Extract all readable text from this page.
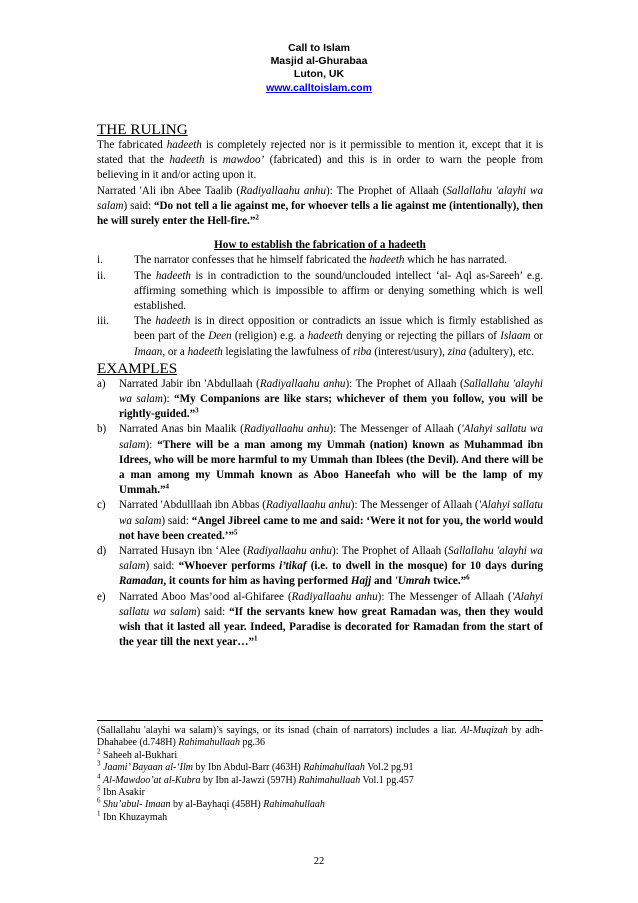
Call to Islam
Masjid al-Ghurabaa
Luton, UK
www.calltoislam.com
THE RULING

The fabricated hadeeth is completely rejected nor is it permissible to mention it, except that it is stated that the hadeeth is mawdoo’ (fabricated) and this is in order to warn the people from believing in it and/or acting upon it.

Narrated 'Ali ibn Abee Taalib (Radiyallaahu anhu): The Prophet of Allaah (Sallallahu 'alayhi wa salam) said: “Do not tell a lie against me, for whoever tells a lie against me (intentionally), then he will surely enter the Hell-fire.”$^2$

How to establish the fabrication of a hadeeth

i.	The narrator confesses that he himself fabricated the hadeeth which he has narrated.
ii.	The hadeeth is in contradiction to the sound/unclouded intellect ‘al- Aql as-Sareeh’ e.g. affirming something which is impossible to affirm or denying something which is well established.
iii. The hadeeth is in direct opposition or contradicts an issue which is firmly established as been part of the Deen (religion) e.g. a hadeeth denying or rejecting the pillars of Islaam or Imaan, or a hadeeth legislating the lawfulness of riba (interest/usury), zina (adultery), etc.
EXAMPLES
a) Narrated Jabir ibn 'Abdullaah (Radiyallaahu anhu): The Prophet of Allaah (Sallallahu 'alayhi wa salam): “My Companions are like stars; whichever of them you follow, you will be rightly-guided.”$^3$
b) Narrated Anas bin Maalik (Radiyallaahu anhu): The Messenger of Allaah ('Alahyi sallatu wa salam): “There will be a man among my Ummah (nation) known as Muhammad ibn Idrees, who will be more harmful to my Ummah than Iblees (the Devil). And there will be a man among my Ummah known as Aboo Haneefah who will be the lamp of my Ummah.”$^4$
c) Narrated 'Abdulllaah ibn Abbas (Radiyallaahu anhu): The Messenger of Allaah ('Alahyi sallatu wa salam) said: “Angel Jibreel came to me and said: ‘Were it not for you, the world would not have been created.’”$^5$
d) Narrated Husayn ibn ‘Alee (Radiyallaahu anhu): The Prophet of Allaah (Sallallahu 'alayhi wa salam) said: “Whoever performs i’tikaf (i.e. to dwell in the mosque) for 10 days during Ramadan, it counts for him as having performed Hajj and 'Umrah twice.”$^6$
e) Narrated Aboo Mas’ood al-Ghifaree (Radiyallaahu anhu): The Messenger of Allaah ('Alahyi sallatu wa salam) said: “If the servants knew how great Ramadan was, then they would wish that it lasted all year. Indeed, Paradise is decorated for Ramadan from the start of the year till the next year…”$^1$

(Sallallahu 'alayhi wa salam)’s sayings, or its isnad (chain of narrators) includes a liar. Al-Muqizah by adh-Dhahabee (d.748H) Rahimahullaah pg.36

$^2$ Saheeh al-Bukhari

$^3$ Jaami’ Bayaan al-‘Ilm by Ibn Abdul-Barr (463H) Rahimahullaah Vol.2 pg.91

$^4$ Al-Mawdoo’at al-Kubra by Ibn al-Jawzi (597H) Rahimahullaah Vol.1 pg.457

$^5$ Ibn Asakir

$^6$ Shu’abul- Imaan by al-Bayhaqi (458H) Rahimahullaah

$^1$ Ibn Khuzaymah

22
